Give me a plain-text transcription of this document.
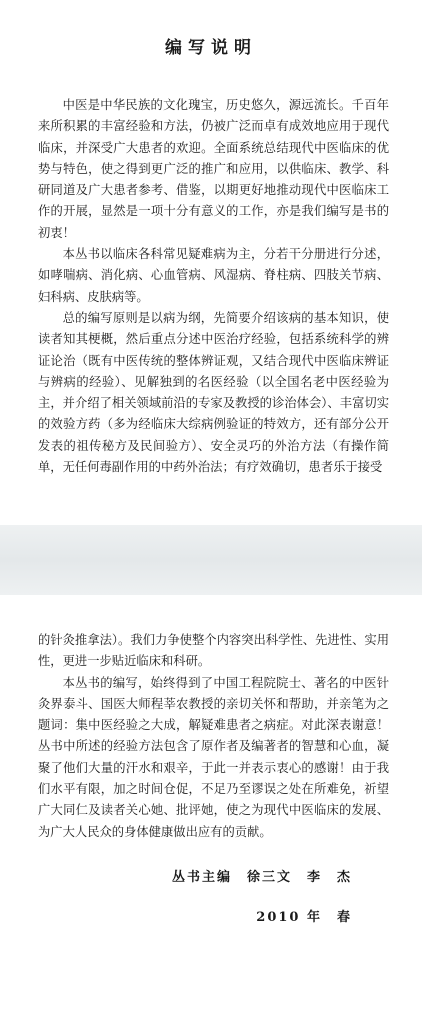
编写说明

中医是中华民族的文化瑰宝，历史悠久，源远流长。千百年来所积累的丰富经验和方法，仍被广泛而卓有成效地应用于现代临床，并深受广大患者的欢迎。全面系统总结现代中医临床的优势与特色，使之得到更广泛的推广和应用，以供临床、教学、科研同道及广大患者参考、借鉴，以期更好地推动现代中医临床工作的开展，显然是一项十分有意义的工作，亦是我们编写是书的初衷！

本丛书以临床各科常见疑难病为主，分若干分册进行分述，如哮喘病、消化病、心血管病、风湿病、脊柱病、四肢关节病、妇科病、皮肤病等。

总的编写原则是以病为纲，先简要介绍该病的基本知识，使读者知其梗概，然后重点分述中医治疗经验，包括系统科学的辨证论治（既有中医传统的整体辨证观，又结合现代中医临床辨证与辨病的经验）、见解独到的名医经验（以全国名老中医经验为主，并介绍了相关领域前沿的专家及教授的诊治体会）、丰富切实的效验方药（多为经临床大综病例验证的特效方，还有部分公开发表的祖传秘方及民间验方）、安全灵巧的外治方法（有操作简单，无任何毒副作用的中药外治法；有疗效确切，患者乐于接受

的针灸推拿法）。我们力争使整个内容突出科学性、先进性、实用性，更进一步贴近临床和科研。

本丛书的编写，始终得到了中国工程院院士、著名的中医针灸界泰斗、国医大师程莘农教授的亲切关怀和帮助，并亲笔为之题词：集中医经验之大成，解疑难患者之病症。对此深表谢意！丛书中所述的经验方法包含了原作者及编著者的智慧和心血，凝聚了他们大量的汗水和艰辛，于此一并表示衷心的感谢！由于我们水平有限，加之时间仓促，不足乃至谬误之处在所难免，祈望广大同仁及读者关心她、批评她，使之为现代中医临床的发展、为广大人民众的身体健康做出应有的贡献。

丛书主编　徐三文　李　杰
2010 年　春
